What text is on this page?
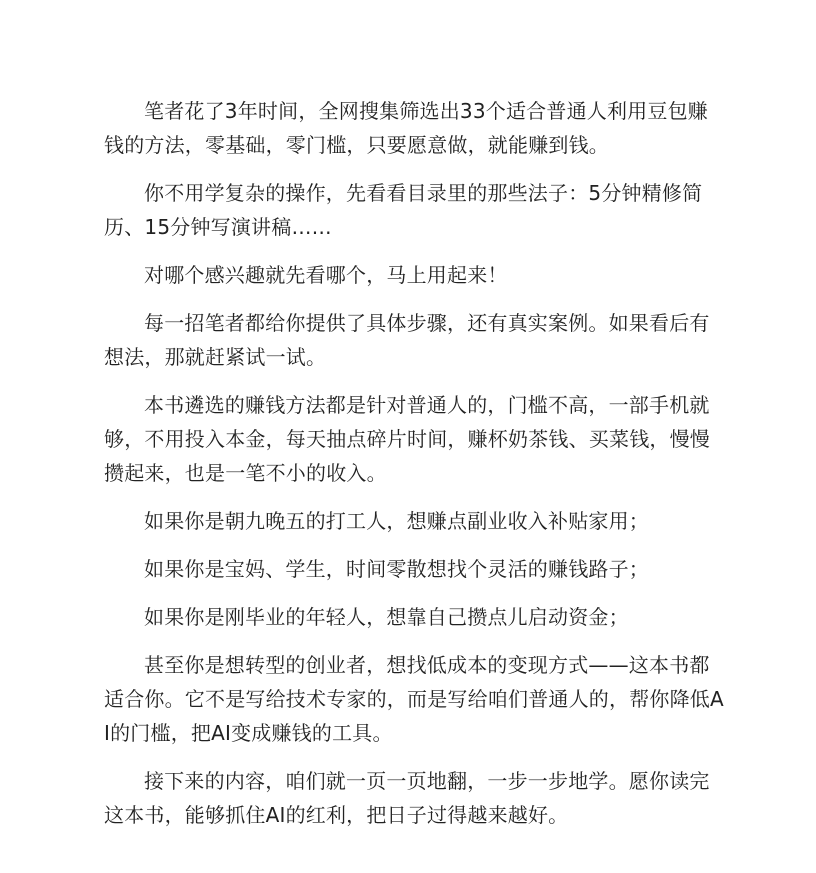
笔者花了3年时间，全网搜集筛选出33个适合普通人利用豆包赚钱的方法，零基础，零门槛，只要愿意做，就能赚到钱。

你不用学复杂的操作，先看看目录里的那些法子：5分钟精修简历、15分钟写演讲稿……

对哪个感兴趣就先看哪个，马上用起来！

每一招笔者都给你提供了具体步骤，还有真实案例。如果看后有想法，那就赶紧试一试。

本书遴选的赚钱方法都是针对普通人的，门槛不高，一部手机就够，不用投入本金，每天抽点碎片时间，赚杯奶茶钱、买菜钱，慢慢攒起来，也是一笔不小的收入。

如果你是朝九晚五的打工人，想赚点副业收入补贴家用；

如果你是宝妈、学生，时间零散想找个灵活的赚钱路子；

如果你是刚毕业的年轻人，想靠自己攒点儿启动资金；

甚至你是想转型的创业者，想找低成本的变现方式——这本书都适合你。它不是写给技术专家的，而是写给咱们普通人的，帮你降低AI的门槛，把AI变成赚钱的工具。

接下来的内容，咱们就一页一页地翻，一步一步地学。愿你读完这本书，能够抓住AI的红利，把日子过得越来越好。
